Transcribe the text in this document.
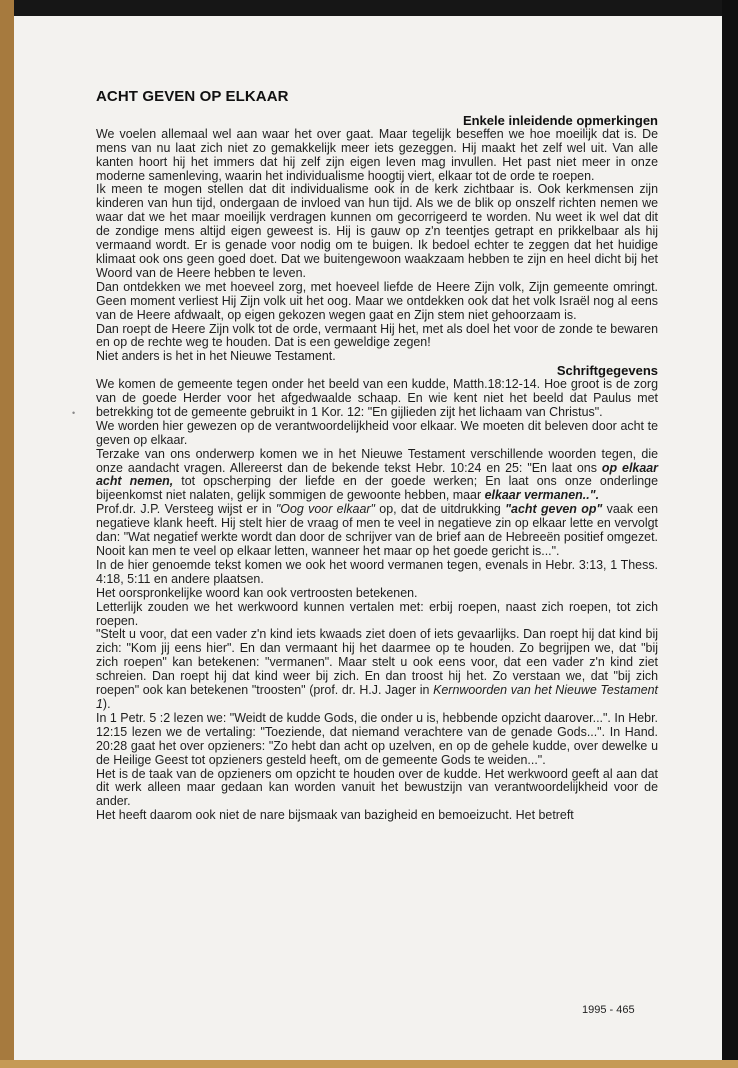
•
ACHT GEVEN OP ELKAAR
Enkele inleidende opmerkingen

We voelen allemaal wel aan waar het over gaat. Maar tegelijk beseffen we hoe moeilijk dat is. De mens van nu laat zich niet zo gemakkelijk meer iets gezeggen. Hij maakt het zelf wel uit. Van alle kanten hoort hij het immers dat hij zelf zijn eigen leven mag invullen. Het past niet meer in onze moderne samenleving, waarin het individualisme hoogtij viert, elkaar tot de orde te roepen.

Ik meen te mogen stellen dat dit individualisme ook in de kerk zichtbaar is. Ook kerkmensen zijn kinderen van hun tijd, ondergaan de invloed van hun tijd. Als we de blik op onszelf richten nemen we waar dat we het maar moeilijk verdragen kunnen om gecorrigeerd te worden. Nu weet ik wel dat dit de zondige mens altijd eigen geweest is. Hij is gauw op z'n teentjes getrapt en prikkelbaar als hij vermaand wordt. Er is genade voor nodig om te buigen. Ik bedoel echter te zeggen dat het huidige klimaat ook ons geen goed doet. Dat we buitengewoon waakzaam hebben te zijn en heel dicht bij het Woord van de Heere hebben te leven.

Dan ontdekken we met hoeveel zorg, met hoeveel liefde de Heere Zijn volk, Zijn gemeente omringt. Geen moment verliest Hij Zijn volk uit het oog. Maar we ontdekken ook dat het volk Israël nog al eens van de Heere afdwaalt, op eigen gekozen wegen gaat en Zijn stem niet gehoorzaam is.

Dan roept de Heere Zijn volk tot de orde, vermaant Hij het, met als doel het voor de zonde te bewaren en op de rechte weg te houden. Dat is een geweldige zegen!

Niet anders is het in het Nieuwe Testament.

Schriftgegevens

We komen de gemeente tegen onder het beeld van een kudde, Matth.18:12-14. Hoe groot is de zorg van de goede Herder voor het afgedwaalde schaap. En wie kent niet het beeld dat Paulus met betrekking tot de gemeente gebruikt in 1 Kor. 12: "En gijlieden zijt het lichaam van Christus".

We worden hier gewezen op de verantwoordelijkheid voor elkaar. We moeten dit beleven door acht te geven op elkaar.

Terzake van ons onderwerp komen we in het Nieuwe Testament verschillende woorden tegen, die onze aandacht vragen. Allereerst dan de bekende tekst Hebr. 10:24 en 25: "En laat ons op elkaar acht nemen, tot opscherping der liefde en der goede werken; En laat ons onze onderlinge bijeenkomst niet nalaten, gelijk sommigen de gewoonte hebben, maar elkaar vermanen..".

Prof.dr. J.P. Versteeg wijst er in "Oog voor elkaar" op, dat de uitdrukking "acht geven op" vaak een negatieve klank heeft. Hij stelt hier de vraag of men te veel in negatieve zin op elkaar lette en vervolgt dan: "Wat negatief werkte wordt dan door de schrijver van de brief aan de Hebreeën positief omgezet. Nooit kan men te veel op elkaar letten, wanneer het maar op het goede gericht is...".

In de hier genoemde tekst komen we ook het woord vermanen tegen, evenals in Hebr. 3:13, 1 Thess. 4:18, 5:11 en andere plaatsen.

Het oorspronkelijke woord kan ook vertroosten betekenen.

Letterlijk zouden we het werkwoord kunnen vertalen met: erbij roepen, naast zich roepen, tot zich roepen.

"Stelt u voor, dat een vader z'n kind iets kwaads ziet doen of iets gevaarlijks. Dan roept hij dat kind bij zich: "Kom jij eens hier". En dan vermaant hij het daarmee op te houden. Zo begrijpen we, dat "bij zich roepen" kan betekenen: "vermanen". Maar stelt u ook eens voor, dat een vader z'n kind ziet schreien. Dan roept hij dat kind weer bij zich. En dan troost hij het. Zo verstaan we, dat "bij zich roepen" ook kan betekenen "troosten" (prof. dr. H.J. Jager in Kernwoorden van het Nieuwe Testament 1).

In 1 Petr. 5 :2 lezen we: "Weidt de kudde Gods, die onder u is, hebbende opzicht daarover...". In Hebr. 12:15 lezen we de vertaling: "Toeziende, dat niemand verachtere van de genade Gods...". In Hand. 20:28 gaat het over opzieners: "Zo hebt dan acht op uzelven, en op de gehele kudde, over dewelke u de Heilige Geest tot opzieners gesteld heeft, om de gemeente Gods te weiden...".

Het is de taak van de opzieners om opzicht te houden over de kudde. Het werkwoord geeft al aan dat dit werk alleen maar gedaan kan worden vanuit het bewustzijn van verantwoordelijkheid voor de ander.

Het heeft daarom ook niet de nare bijsmaak van bazigheid en bemoeizucht. Het betreft

1995 - 465
